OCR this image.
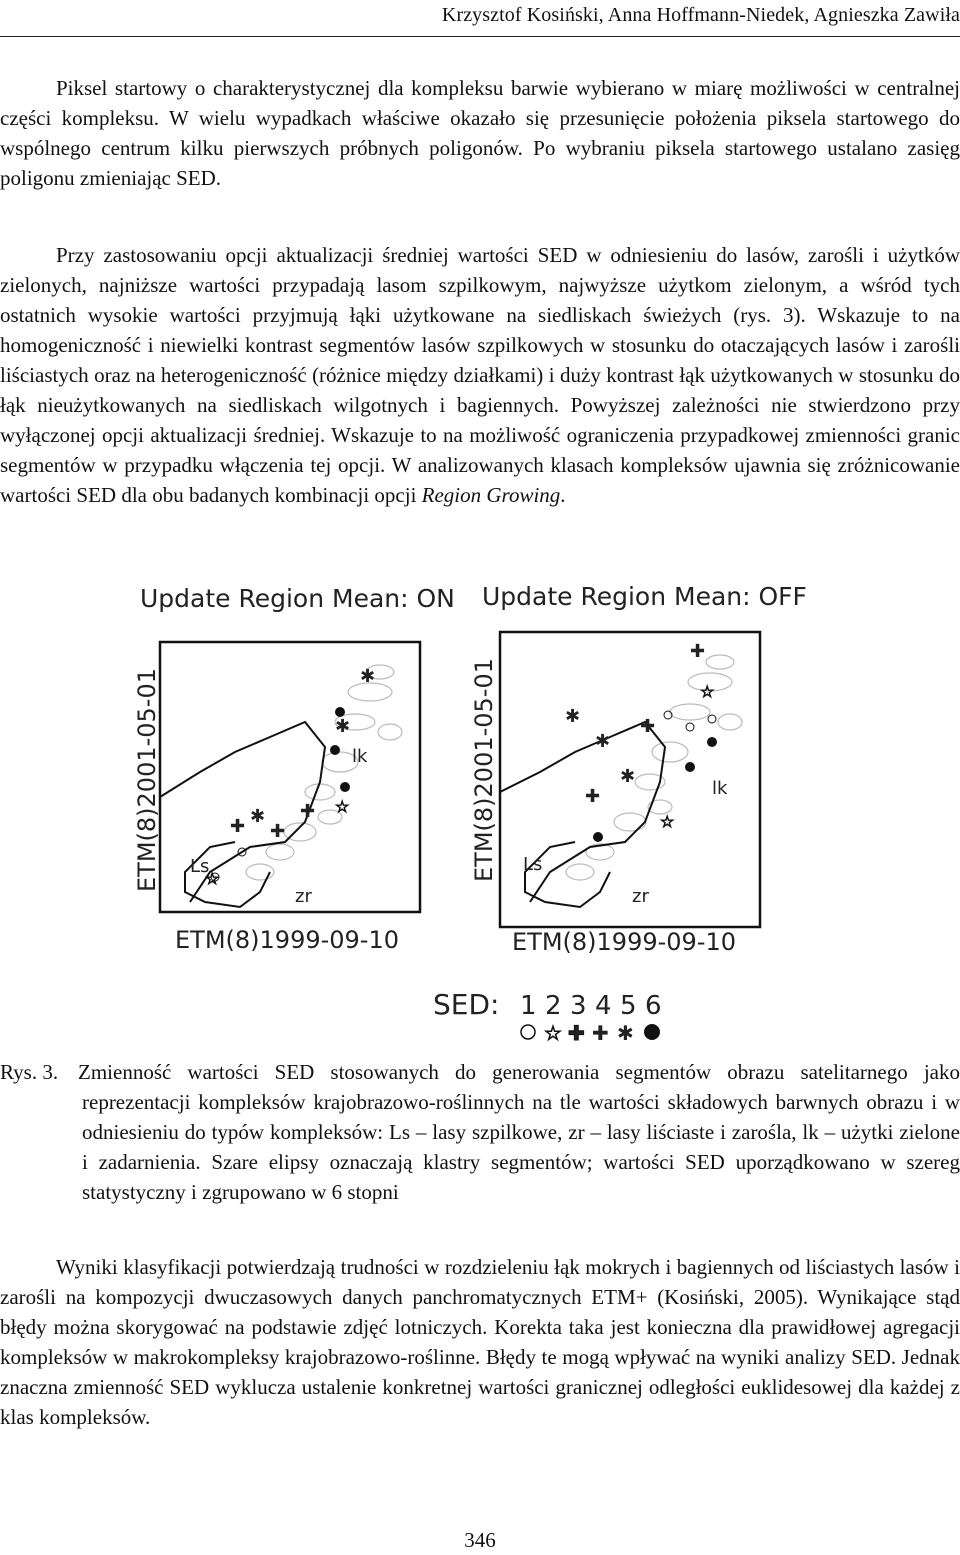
Krzysztof Kosiński, Anna Hoffmann-Niedek, Agnieszka Zawiła

Piksel startowy o charakterystycznej dla kompleksu barwie wybierano w miarę możliwości w centralnej części kompleksu. W wielu wypadkach właściwe okazało się przesunięcie położenia piksela startowego do wspólnego centrum kilku pierwszych próbnych poligonów. Po wybraniu piksela startowego ustalano zasięg poligonu zmieniając SED.

Przy zastosowaniu opcji aktualizacji średniej wartości SED w odniesieniu do lasów, zarośli i użytków zielonych, najniższe wartości przypadają lasom szpilkowym, najwyższe użytkom zielonym, a wśród tych ostatnich wysokie wartości przyjmują łąki użytkowane na siedliskach świeżych (rys. 3). Wskazuje to na homogeniczność i niewielki kontrast segmentów lasów szpilkowych w stosunku do otaczających lasów i zarośli liściastych oraz na heterogeniczność (różnice między działkami) i duży kontrast łąk użytkowanych w stosunku do łąk nieużytkowanych na siedliskach wilgotnych i bagiennych. Powyższej zależności nie stwierdzono przy wyłączonej opcji aktualizacji średniej. Wskazuje to na możliwość ograniczenia przypadkowej zmienności granic segmentów w przypadku włączenia tej opcji. W analizowanych klasach kompleksów ujawnia się zróżnicowanie wartości SED dla obu badanych kombinacji opcji Region Growing.

Update Region Mean: ON
ETM(8)2001-05-01
ETM(8)1999-09-10
lk
Ls
zr
✱
✱
✱
✚
✚
✚
☆
☆
Update Region Mean: OFF
ETM(8)2001-05-01
ETM(8)1999-09-10
lk
Ls
zr
✱
✱
✱
✚
✚
✚
☆
☆
SED: 1 2 3 4 5 6
☆ ✚ ✚ ✱
Rys. 3. Zmienność wartości SED stosowanych do generowania segmentów obrazu satelitarnego jako reprezentacji kompleksów krajobrazowo-roślinnych na tle wartości składowych barwnych obrazu i w odniesieniu do typów kompleksów: Ls – lasy szpilkowe, zr – lasy liściaste i zarośla, lk – użytki zielone i zadarnienia. Szare elipsy oznaczają klastry segmentów; wartości SED uporządkowano w szereg statystyczny i zgrupowano w 6 stopni

Wyniki klasyfikacji potwierdzają trudności w rozdzieleniu łąk mokrych i bagiennych od liściastych lasów i zarośli na kompozycji dwuczasowych danych panchromatycznych ETM+ (Kosiński, 2005). Wynikające stąd błędy można skorygować na podstawie zdjęć lotniczych. Korekta taka jest konieczna dla prawidłowej agregacji kompleksów w makrokompleksy krajobrazowo-roślinne. Błędy te mogą wpływać na wyniki analizy SED. Jednak znaczna zmienność SED wyklucza ustalenie konkretnej wartości granicznej odległości euklidesowej dla każdej z klas kompleksów.

346
